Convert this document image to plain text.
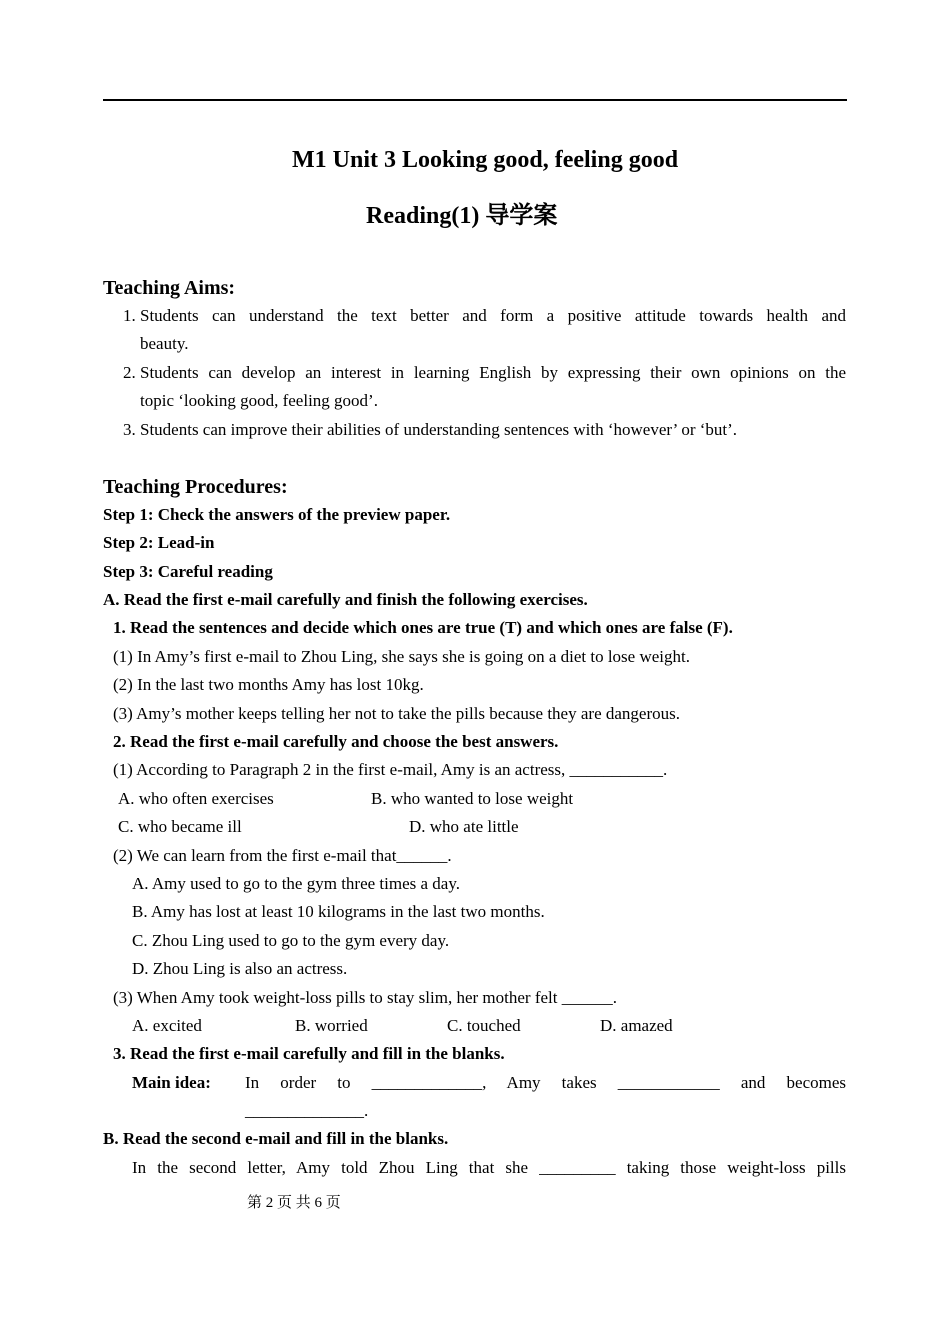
M1 Unit 3 Looking good, feeling good
Reading(1) 导学案
Teaching Aims:
1. Students can understand the text better and form a positive attitude towards health and
beauty.
2. Students can develop an interest in learning English by expressing their own opinions on the
topic ‘looking good, feeling good’.
3. Students can improve their abilities of understanding sentences with ‘however’ or ‘but’.
Teaching Procedures:
Step 1: Check the answers of the preview paper.
Step 2: Lead-in
Step 3: Careful reading
A. Read the first e-mail carefully and finish the following exercises.
1. Read the sentences and decide which ones are true (T) and which ones are false (F).
(1) In Amy’s first e-mail to Zhou Ling, she says she is going on a diet to lose weight.
(2) In the last two months Amy has lost 10kg.
(3) Amy’s mother keeps telling her not to take the pills because they are dangerous.
2. Read the first e-mail carefully and choose the best answers.
(1) According to Paragraph 2 in the first e-mail, Amy is an actress, ___________.
A. who often exercises	B. who wanted to lose weight
C. who became ill	D. who ate little
(2) We can learn from the first e-mail that______.
A. Amy used to go to the gym three times a day.
B. Amy has lost at least 10 kilograms in the last two months.
C. Zhou Ling used to go to the gym every day.
D. Zhou Ling is also an actress.
(3) When Amy took weight-loss pills to stay slim, her mother felt ______.
A. excited	B. worried	C. touched	D. amazed
3. Read the first e-mail carefully and fill in the blanks.
Main idea: In order to _____________, Amy takes ____________ and becomes
______________.
B. Read the second e-mail and fill in the blanks.
In the second letter, Amy told Zhou Ling that she _________ taking those weight-loss pills
第 2 页 共 6 页
